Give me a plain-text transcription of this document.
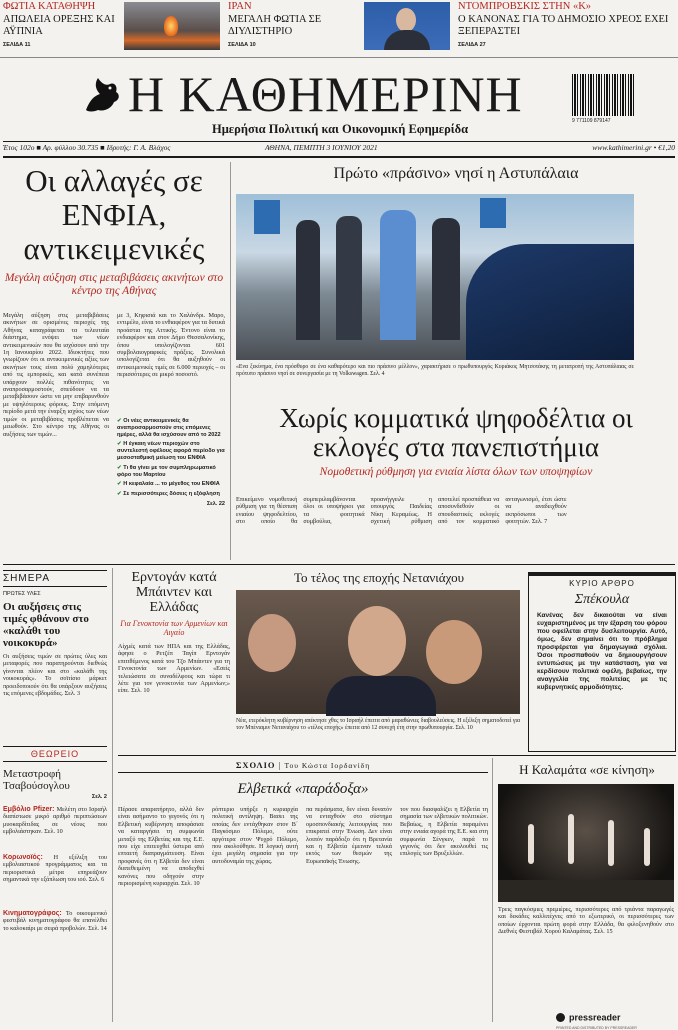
ΦΩΤΙΑ ΚΑΤΑΘΗΨΗ
ΑΠΩΛΕΙΑ ΟΡΕΞΗΣ ΚΑΙ ΑΫΠΝΙΑ
ΣΕΛΙΔΑ 11
ΙΡΑΝ
ΜΕΓΑΛΗ ΦΩΤΙΑ ΣΕ ΔΙΥΛΙΣΤΗΡΙΟ
ΣΕΛΙΔΑ 10
ΝΤΟΜΠΡΟΒΣΚΙΣ ΣΤΗΝ «Κ»
Ο ΚΑΝΟΝΑΣ ΓΙΑ ΤΟ ΔΗΜΟΣΙΟ ΧΡΕΟΣ ΕΧΕΙ ΞΕΠΕΡΑΣΤΕΙ
ΣΕΛΙΔΑ 27
Η ΚΑΘΗΜΕΡΙΝΗ
Ημερήσια Πολιτική και Οικονομική Εφημερίδα
9 771109 879147
Έτος 102ο ■ Αρ. φύλλου 30.735 ■ Ιδρυτής: Γ. Α. Βλάχος	ΑΘΗΝΑ, ΠΕΜΠΤΗ 3 ΙΟΥΝΙΟΥ 2021	www.kathimerini.gr • €1,20
Οι αλλαγές σε ΕΝΦΙΑ, αντικειμενικές
Μεγάλη αύξηση στις μεταβιβάσεις ακινήτων στο κέντρο της Αθήνας
Μεγάλη αύξηση στις μεταβιβάσεις ακινήτων σε ορισμένες περιοχές της Αθήνας καταγράφεται τα τελευταία διάστημα, ενόψει των νέων αντικειμενικών που θα ισχύσουν από την 1η Ιανουαρίου 2022. Ιδιοκτήτες που γνωρίζουν ότι οι αντικειμενικές αξίες των ακινήτων τους είναι πολύ χαμηλότερες από τις εμπορικές, και κατά συνέπεια υπάρχουν πολλές πιθανότητες να αναπροσαρμοστούν, σπεύδουν να τα μεταβιβάσουν ώστε να μην επιβαρυνθούν με υψηλότερους φόρους. Στην επόμενη περίοδο μετά την έναρξη ισχύος των νέων τιμών οι μεταβιβάσεις προβλέπεται να μειωθούν. Στο κέντρο της Αθήνας οι αυξήσεις των τιμών...
με 3, Κηφισιά και το Χαλάνδρι. Μαρο, εντιμέλυ, είναι το ενθιαφέρον για τα δυτικά προάστια της Αττικής. Έντονο είναι το ενδιαφέρον και στον Δήμο Θεσσαλονίκης, όπου υπολογίζονται 601 συμβολαιογραφικές πράξεις. Συνολικά υπολογίζεται ότι θα αυξηθούν οι αντικειμενικές τιμές σε 6.000 περιοχές – οι περισσότερες σε μικρό ποσοστό.
✔ Οι νέες αντικειμενικές θα αναπροσαρμοστούν στις επόμενες ημέρες, αλλά θα ισχύσουν από το 2022
✔ Η έγκαιη νέων περιοχών στο συντελεστή οφέλους αφορά περίοδο για μεσοσταθμική μείωση του ΕΝΦΙΑ
✔ Τι θα γίνει με τον συμπληρωματικό φόρο του Μαρτίου
✔ Η κεφαλαία ... το μέγεθος του ΕΝΦΙΑ
✔ Σε περισσότερες δόσεις η εξόφληση
Σελ. 22
Πρώτο «πράσινο» νησί η Αστυπάλαια
«Ενα ξεκίνημα, ένα πρόσθυρο σε ένα καθαρότερο και πιο πράσινο μέλλον», χαρακτήρισε ο πρωθυπουργός Κυριάκος Μητσοτάκης τη μετατροπή της Αστυπάλαιας σε πρότυπο πράσινο νησί σε συνεργασία με τη Volkswagen. Σελ. 4
Χωρίς κομματικά ψηφοδέλτια οι εκλογές στα πανεπιστήμια
Νομοθετική ρύθμηση για ενιαία λίστα όλων των υποψηφίων
Επικείμενο νομοθετική ρύθμιση για τη θέσπιση ενιαίου ψηφοδελτίου, στο οποίο θα συμπεριλαμβάνονται όλοι οι υποψήφιοι για τα φοιτητικά συμβούλια, προανήγγειλε η υπουργός Παιδείας Νίκη Κεραμέως. Η σχετική ρύθμιση αποτελεί προσπάθεια να αποσυνδεθούν οι σπουδαστικές εκλογές από τον κομματικό ανταγωνισμό, έτσι ώστε να αναδειχθούν εκπρόσωποι των φοιτητών. Σελ. 7
ΣΗΜΕΡΑ
ΠΡΩΤΕΣ ΥΛΕΣ
Οι αυξήσεις στις τιμές φθάνουν στο «καλάθι του νοικοκυρά»
Οι αυξήσεις τιμών σε πρώτες ύλες και μεταφορές που παρατηρούνται διεθνώς γίνονται πλέον και στο «καλάθι της νοικοκυράς». Το σοϊτίσιο μάρκετ προειδοποιούν ότι θα υπάρξουν αυξήσεις τις επόμενες εβδομάδες. Σελ. 3
ΘΕΩΡΕΙΟ
Μεταστροφή Τσαβούσογλου
Σελ. 2
Εμβόλιο Pfizer: Μελέτη στο Ισραήλ διαπίστωσε μικρό αριθμό περιπτώσεων μυοκαρδίτιδας σε νέους που εμβολιάστηκαν. Σελ. 10
Κορωνοϊός: Η εξέλιξη του εμβολιαστικού προγράμματος και τα περιοριστικά μέτρα επηρεάζουν σημαντικά την εξάπλωση του ιού. Σελ. 6
Κινηματογράφος: Το οικουμενικό φεστιβάλ κινηματογράφου θα επανέλθει το καλοκαίρι με σειρά προβολών. Σελ. 14
Ερντογάν κατά Μπάιντεν και Ελλάδας
Για Γενοκτονία των Αρμενίων και Αιγαίο
Αίχμές κατά των ΗΠΑ και της Ελλάδας, άφησε ο Ρετζέπ Ταγίπ Ερντογάν επιτιθέμενος κατά του Τζο Μπάιντεν για τη Γενοκτονία των Αρμενίων. «Εσείς τελειώσατε σε συναδέλφους και τώρα τι λέτε για τον γενοκτονία των Αρμενίων;» είπε. Σελ. 10
Το τέλος της εποχής Νετανιάχου
Νέα, ετερόκλητη κυβέρνηση απέκτησε χθες το Ισραήλ έπειτα από μαραθώνιες διαβουλεύσεις. Η εξέλιξη σηματοδοτεί για τον Μπένιαμιν Νετανιάχου το «τέλος εποχής» έπειτα από 12 συνεχή έτη στην πρωθυπουργία. Σελ. 10
ΚΥΡΙΟ ΑΡΘΡΟ
Σπέκουλα
Κανένας δεν δικαιούται να είναι ευχαριστημένος με την έξαρση του φόρου που οφείλεται στην δυσλειτουργία. Αυτό, όμως, δεν σημαίνει ότι το πρόβλημα προσφέρεται για δημαγωγικά σχόλια. Όσοι προσπαθούν να δημιουργήσουν εντυπώσεις με την κατάσταση, για να κερδίσουν πολιτικά οφέλη, βεβαίως, την αναγγελία της πολιτείας με τις κυβερνητικές αρμοδιότητες.
ΣΧΟΛΙΟ | Του Κώστα Ιορδανίδη
Ελβετικά «παράδοξα»
Πέρασε απαρατήρητο, αλλά δεν είναι ασήμαντο το γεγονός ότι η Ελβετική κυβέρνηση αποφάσισε να καταργήσει τη συμφωνία μεταξύ της Ελβετίας και της Ε.Ε. που είχε επιτευχθεί ύστερα από επταετή διαπραγμάτευση. Είναι προφανές ότι η Ελβετία δεν είναι διατεθειμένη να αποδεχθεί κανόνες που οδηγούν στην περιορισμένη κυριαρχία. Σελ. 10
ρόπτεριο υπήρξε η κυριαρχία πολιτική αντίληψη. Βασει της οποίας δεν εντάχθηκαν στον Β΄ Παγκόσμιο Πόλεμο, ούτε αργότερα στον Ψυχρό Πόλεμο, που ακολούθησε. Η λογική αυτή έχει μεγάλη σημασία για την αυτοδυναμία της χώρας.
πα περάσματα, δεν είναι δυνατόν να ενταχθούν στο σύστημα ομοσπονδιακής λειτουργίας που επικρατεί στην Ένωση. Δεν είναι λοιπόν παράδοξο ότι η Βρετανία και η Ελβετία έμειναν τελικά εκτός των θεσμών της Ευρωπαϊκής Ένωσης.
τον που διασφαλίζει η Ελβετία τη σημασία των ελβετικών πολιτικών. Βεβαίως, η Ελβετία παραμένει στην ενιαία αγορά της Ε.Ε. και στη συμφωνία Σένγκεν, παρά το γεγονός ότι δεν ακολουθεί τις επιλογές των Βρυξελλών.
Η Καλαμάτα «σε κίνηση»
Τρεις παγκόσμιες πρεμιέρες, περισσότερες από τριάντα παραγωγές και δεκάδες καλλιτέχνες από το εξωτερικό, οι περισσότερες των οποίων έρχονται πρώτη φορά στην Ελλάδα, θα φιλοξενηθούν στο Διεθνές Φεστιβάλ Χορού Καλαμάτας. Σελ. 15
pressreader
PRINTED AND DISTRIBUTED BY PRESSREADER
